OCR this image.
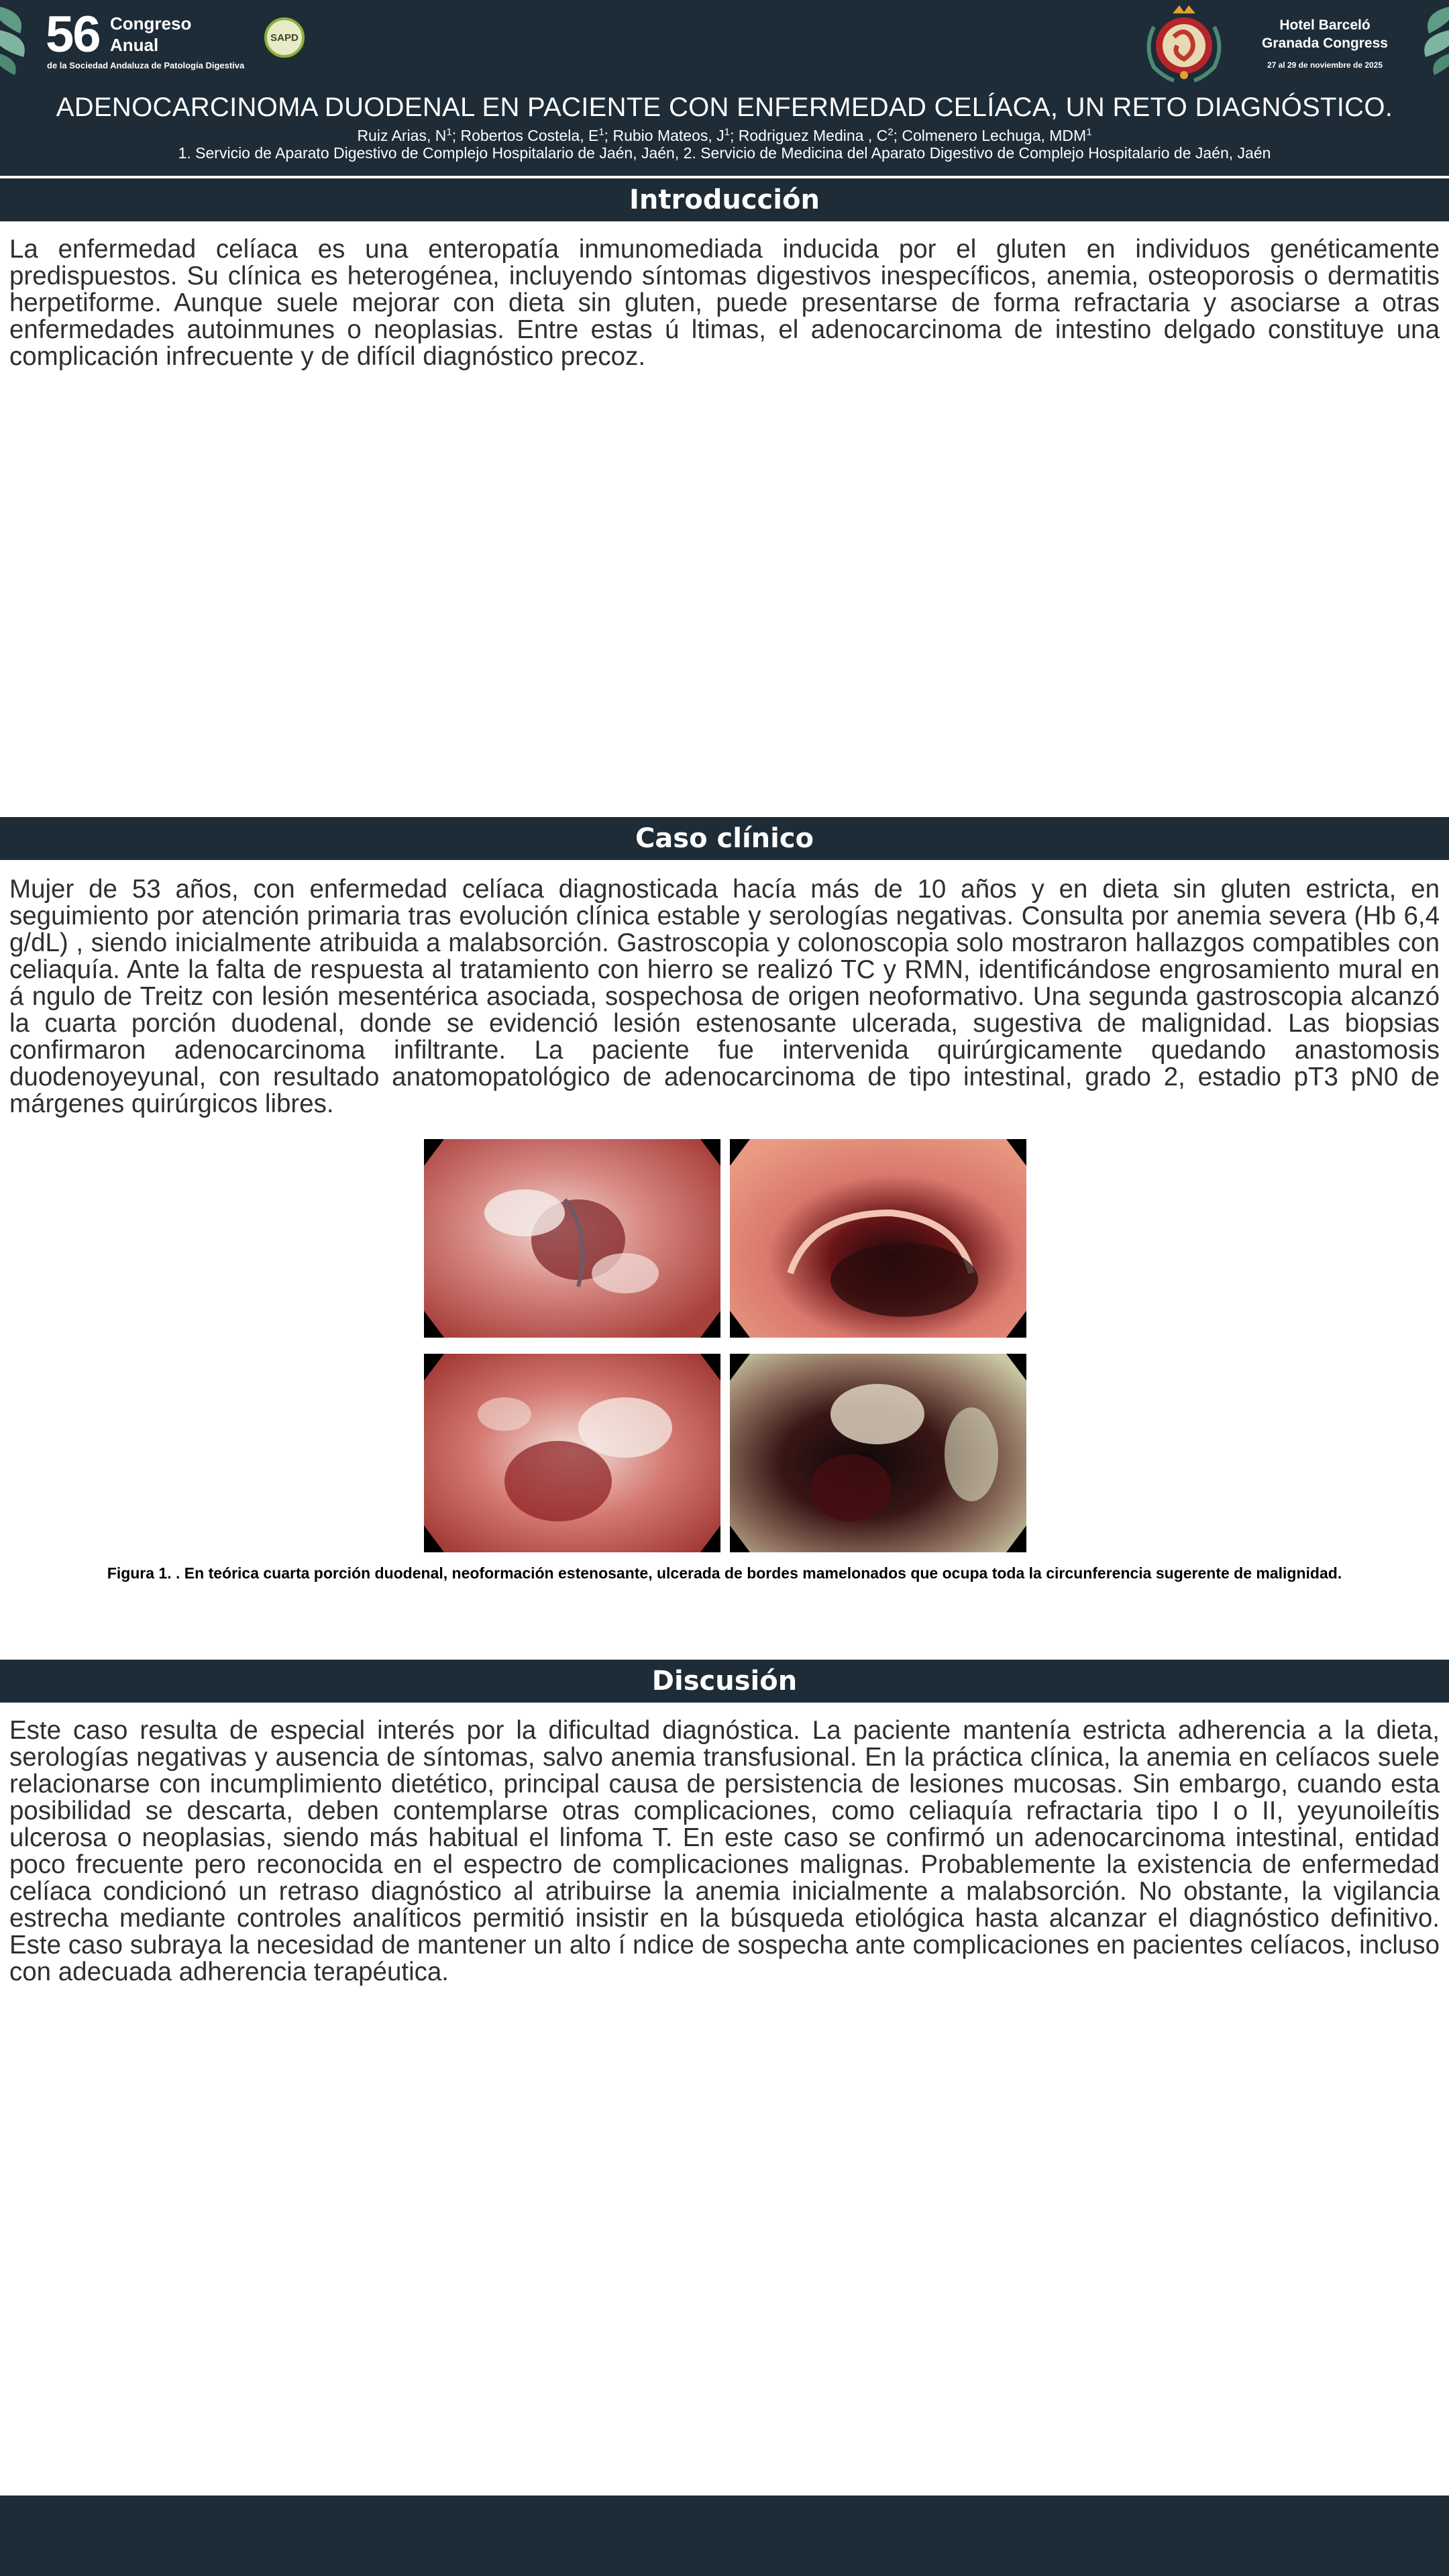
56 Congreso
Anual
de la Sociedad Andaluza de Patología Digestiva
SAPD
Hotel Barceló
Granada Congress
27 al 29 de noviembre de 2025
ADENOCARCINOMA DUODENAL EN PACIENTE CON ENFERMEDAD CELÍACA, UN RETO DIAGNÓSTICO.
Ruiz Arias, $N^1$; Robertos Costela, $E^1$; Rubio Mateos, $J^1$; Rodriguez Medina , $C^2$; Colmenero Lechuga, MDM$^1$
1. Servicio de Aparato Digestivo de Complejo Hospitalario de Jaén, Jaén, 2. Servicio de Medicina del Aparato Digestivo de Complejo Hospitalario de Jaén, Jaén
Introducción
La enfermedad celíaca es una enteropatía inmunomediada inducida por el gluten en individuos genéticamente predispuestos. Su clínica es heterogénea, incluyendo síntomas digestivos inespecíficos, anemia, osteoporosis o dermatitis herpetiforme. Aunque suele mejorar con dieta sin gluten, puede presentarse de forma refractaria y asociarse a otras enfermedades autoinmunes o neoplasias. Entre estas ú ltimas, el adenocarcinoma de intestino delgado constituye una complicación infrecuente y de difícil diagnóstico precoz.
Caso clínico
Mujer de 53 años, con enfermedad celíaca diagnosticada hacía más de 10 años y en dieta sin gluten estricta, en seguimiento por atención primaria tras evolución clínica estable y serologías negativas. Consulta por anemia severa (Hb 6,4 g/dL) , siendo inicialmente atribuida a malabsorción. Gastroscopia y colonoscopia solo mostraron hallazgos compatibles con celiaquía. Ante la falta de respuesta al tratamiento con hierro se realizó TC y RMN, identificándose engrosamiento mural en á ngulo de Treitz con lesión mesentérica asociada, sospechosa de origen neoformativo. Una segunda gastroscopia alcanzó la cuarta porción duodenal, donde se evidenció lesión estenosante ulcerada, sugestiva de malignidad. Las biopsias confirmaron adenocarcinoma infiltrante. La paciente fue intervenida quirúrgicamente quedando anastomosis duodenoyeyunal, con resultado anatomopatológico de adenocarcinoma de tipo intestinal, grado 2, estadio pT3 pN0 de márgenes quirúrgicos libres.
Figura 1. . En teórica cuarta porción duodenal, neoformación estenosante, ulcerada de bordes mamelonados que ocupa toda la circunferencia sugerente de malignidad.
Discusión
Este caso resulta de especial interés por la dificultad diagnóstica. La paciente mantenía estricta adherencia a la dieta, serologías negativas y ausencia de síntomas, salvo anemia transfusional. En la práctica clínica, la anemia en celíacos suele relacionarse con incumplimiento dietético, principal causa de persistencia de lesiones mucosas. Sin embargo, cuando esta posibilidad se descarta, deben contemplarse otras complicaciones, como celiaquía refractaria tipo I o II, yeyunoileítis ulcerosa o neoplasias, siendo más habitual el linfoma T. En este caso se confirmó un adenocarcinoma intestinal, entidad poco frecuente pero reconocida en el espectro de complicaciones malignas. Probablemente la existencia de enfermedad celíaca condicionó un retraso diagnóstico al atribuirse la anemia inicialmente a malabsorción. No obstante, la vigilancia estrecha mediante controles analíticos permitió insistir en la búsqueda etiológica hasta alcanzar el diagnóstico definitivo. Este caso subraya la necesidad de mantener un alto í ndice de sospecha ante complicaciones en pacientes celíacos, incluso con adecuada adherencia terapéutica.
